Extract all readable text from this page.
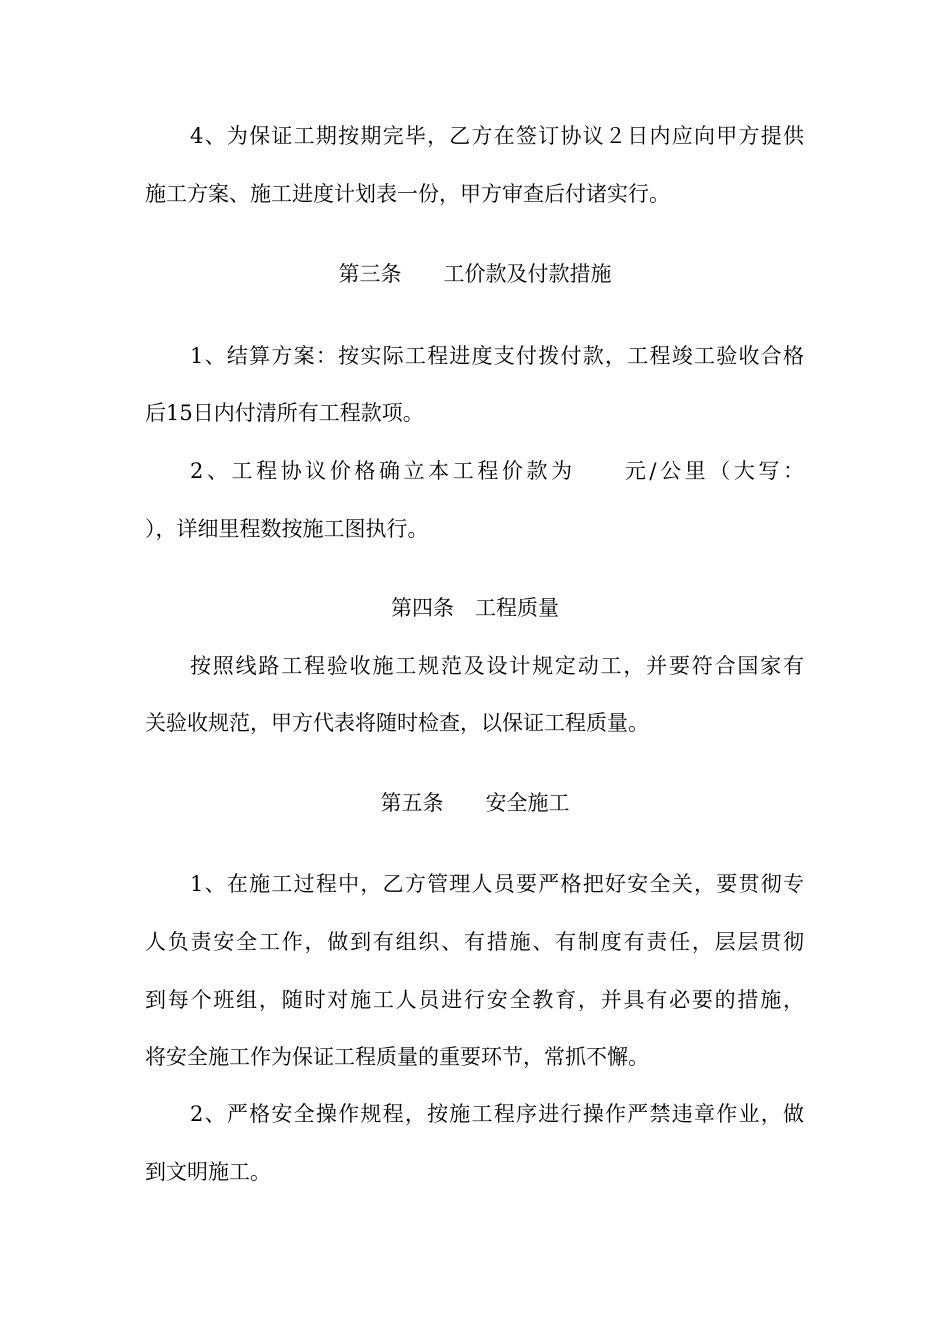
4、为保证工期按期完毕，乙方在签订协议２日内应向甲方提供
施工方案、施工进度计划表一份，甲方审查后付诸实行。
第三条　　工价款及付款措施
1、结算方案：按实际工程进度支付拨付款，工程竣工验收合格
后15日内付清所有工程款项。
2、工程协议价格确立本工程价款为　　元/公里（大写：
），详细里程数按施工图执行。
第四条　工程质量
按照线路工程验收施工规范及设计规定动工，并要符合国家有
关验收规范，甲方代表将随时检查，以保证工程质量。
第五条　　安全施工
1、在施工过程中，乙方管理人员要严格把好安全关，要贯彻专
人负责安全工作，做到有组织、有措施、有制度有责任，层层贯彻
到每个班组，随时对施工人员进行安全教育，并具有必要的措施，
将安全施工作为保证工程质量的重要环节，常抓不懈。
2、严格安全操作规程，按施工程序进行操作严禁违章作业，做
到文明施工。
